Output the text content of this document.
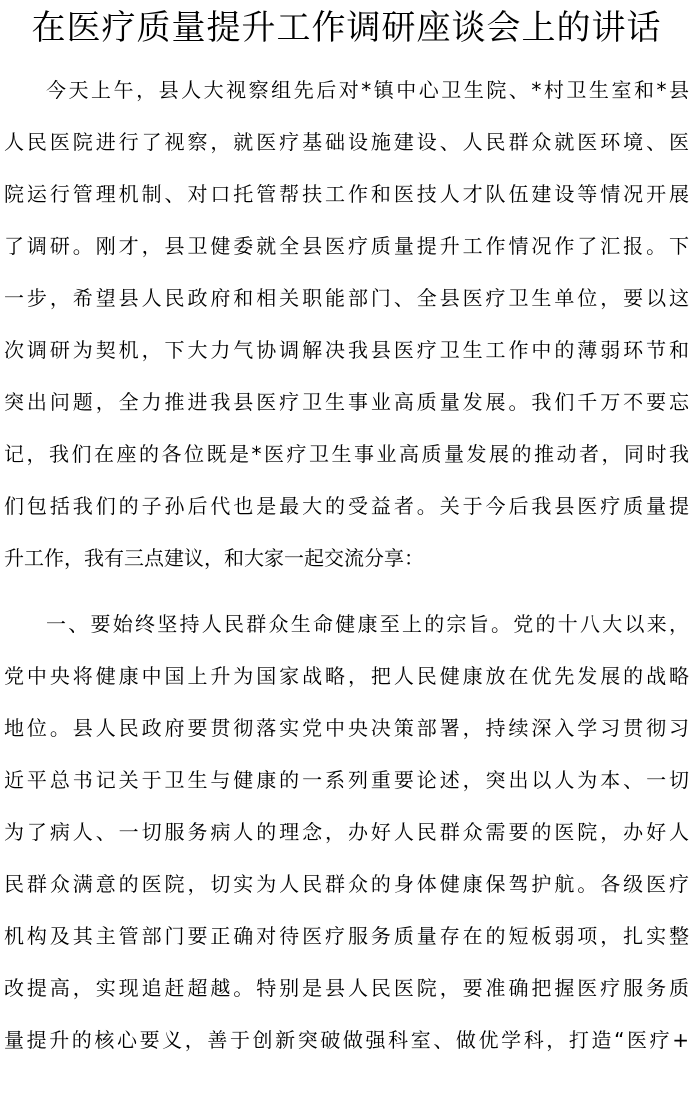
在医疗质量提升工作调研座谈会上的讲话
今天上午，县人大视察组先后对*镇中心卫生院、*村卫生室和*县
人民医院进行了视察，就医疗基础设施建设、人民群众就医环境、医
院运行管理机制、对口托管帮扶工作和医技人才队伍建设等情况开展
了调研。刚才，县卫健委就全县医疗质量提升工作情况作了汇报。下
一步，希望县人民政府和相关职能部门、全县医疗卫生单位，要以这
次调研为契机，下大力气协调解决我县医疗卫生工作中的薄弱环节和
突出问题，全力推进我县医疗卫生事业高质量发展。我们千万不要忘
记，我们在座的各位既是*医疗卫生事业高质量发展的推动者，同时我
们包括我们的子孙后代也是最大的受益者。关于今后我县医疗质量提
升工作，我有三点建议，和大家一起交流分享：
一、要始终坚持人民群众生命健康至上的宗旨。党的十八大以来，
党中央将健康中国上升为国家战略，把人民健康放在优先发展的战略
地位。县人民政府要贯彻落实党中央决策部署，持续深入学习贯彻习
近平总书记关于卫生与健康的一系列重要论述，突出以人为本、一切
为了病人、一切服务病人的理念，办好人民群众需要的医院，办好人
民群众满意的医院，切实为人民群众的身体健康保驾护航。各级医疗
机构及其主管部门要正确对待医疗服务质量存在的短板弱项，扎实整
改提高，实现追赶超越。特别是县人民医院，要准确把握医疗服务质
量提升的核心要义，善于创新突破做强科室、做优学科，打造“医疗+
